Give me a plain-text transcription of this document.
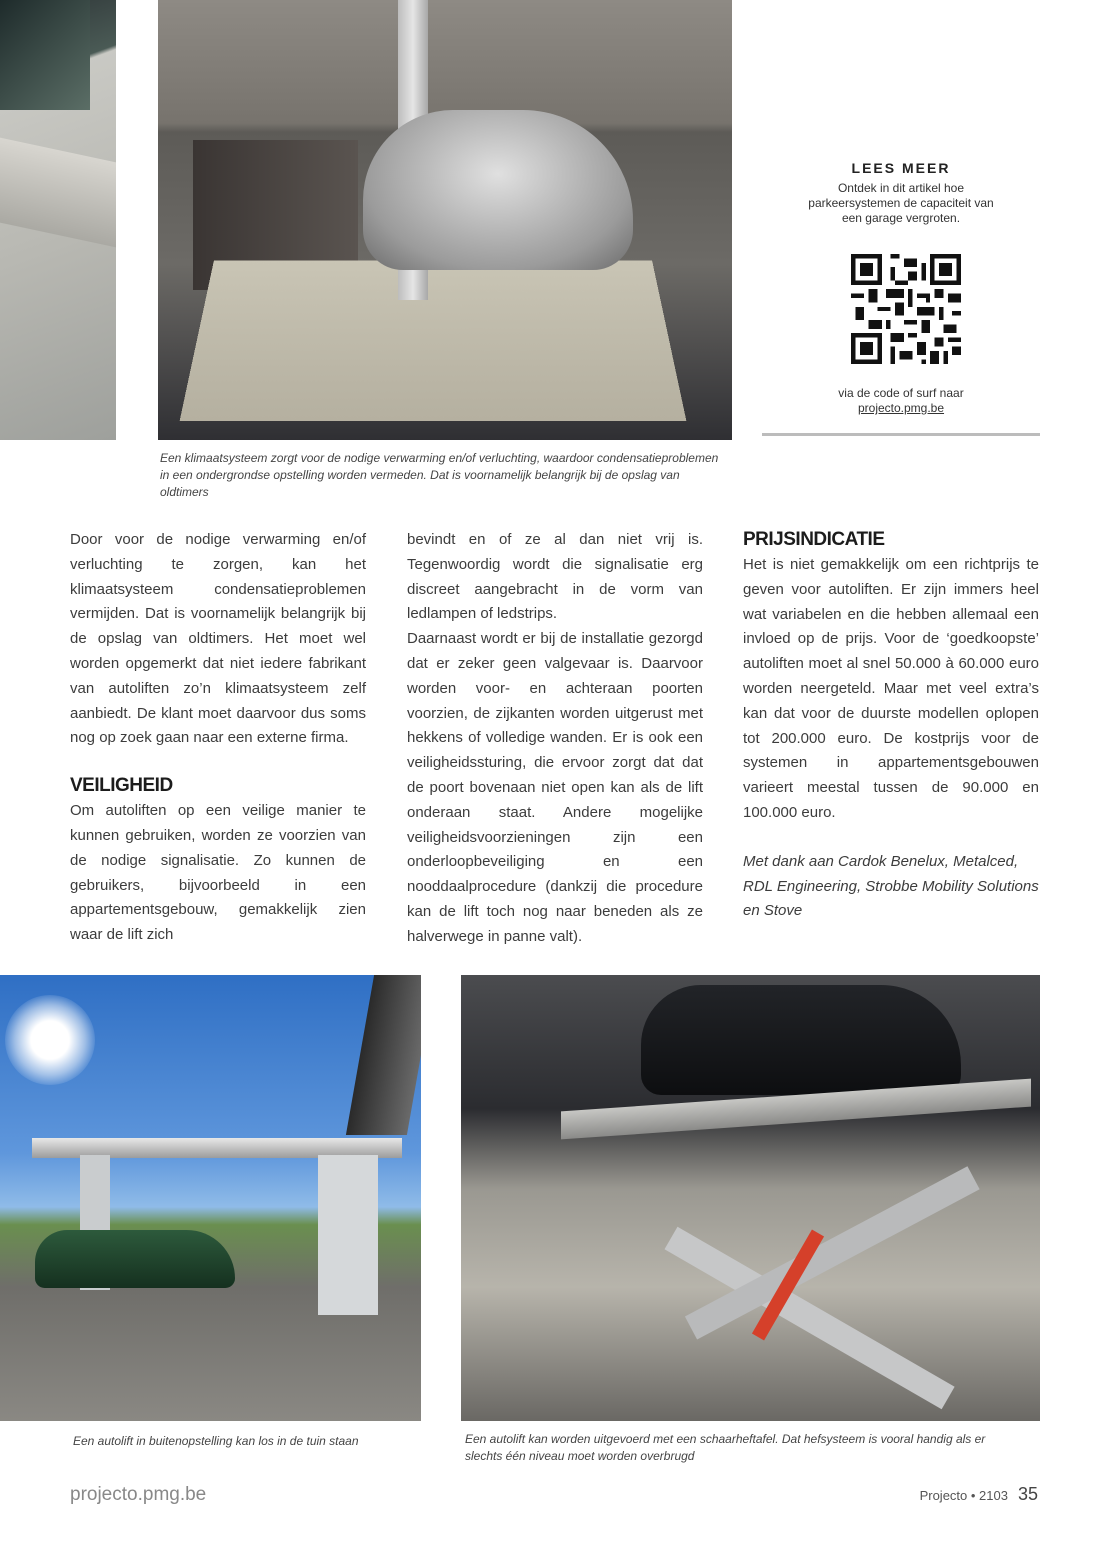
Een klimaatsysteem zorgt voor de nodige verwarming en/of verluchting, waardoor condensatieproblemen in een ondergrondse opstelling worden vermeden. Dat is voornamelijk belangrijk bij de opslag van oldtimers
LEES MEER

Ontdek in dit artikel hoe parkeersystemen de capaciteit van een garage vergroten.

via de code of surf naar
projecto.pmg.be

Door voor de nodige verwarming en/of verluchting te zorgen, kan het klimaatsysteem condensatieproblemen vermijden. Dat is voornamelijk belangrijk bij de opslag van oldtimers. Het moet wel worden opgemerkt dat niet iedere fabrikant van autoliften zo’n klimaatsysteem zelf aanbiedt. De klant moet daarvoor dus soms nog op zoek gaan naar een externe firma.

VEILIGHEID

Om autoliften op een veilige manier te kunnen gebruiken, worden ze voorzien van de nodige signalisatie. Zo kunnen de gebruikers, bijvoorbeeld in een appartementsgebouw, gemakkelijk zien waar de lift zich

bevindt en of ze al dan niet vrij is. Tegenwoordig wordt die signalisatie erg discreet aangebracht in de vorm van ledlampen of ledstrips.

Daarnaast wordt er bij de installatie gezorgd dat er zeker geen valgevaar is. Daarvoor worden voor- en achteraan poorten voorzien, de zijkanten worden uitgerust met hekkens of volledige wanden. Er is ook een veiligheidssturing, die ervoor zorgt dat dat de poort bovenaan niet open kan als de lift onderaan staat. Andere mogelijke veiligheidsvoorzieningen zijn een onderloopbeveiliging en een nooddaalprocedure (dankzij die procedure kan de lift toch nog naar beneden als ze halverwege in panne valt).

PRIJSINDICATIE

Het is niet gemakkelijk om een richtprijs te geven voor autoliften. Er zijn immers heel wat variabelen en die hebben allemaal een invloed op de prijs. Voor de ‘goedkoopste’ autoliften moet al snel 50.000 à 60.000 euro worden neergeteld. Maar met veel extra’s kan dat voor de duurste modellen oplopen tot 200.000 euro. De kostprijs voor de systemen in appartementsgebouwen varieert meestal tussen de 90.000 en 100.000 euro.

Met dank aan Cardok Benelux, Metalced, RDL Engineering, Strobbe Mobility Solutions en Stove

Een autolift in buitenopstelling kan los in de tuin staan	Een autolift kan worden uitgevoerd met een schaarheftafel. Dat hefsysteem is vooral handig als er slechts één niveau moet worden overbrugd
projecto.pmg.be	Projecto • 2103 35
